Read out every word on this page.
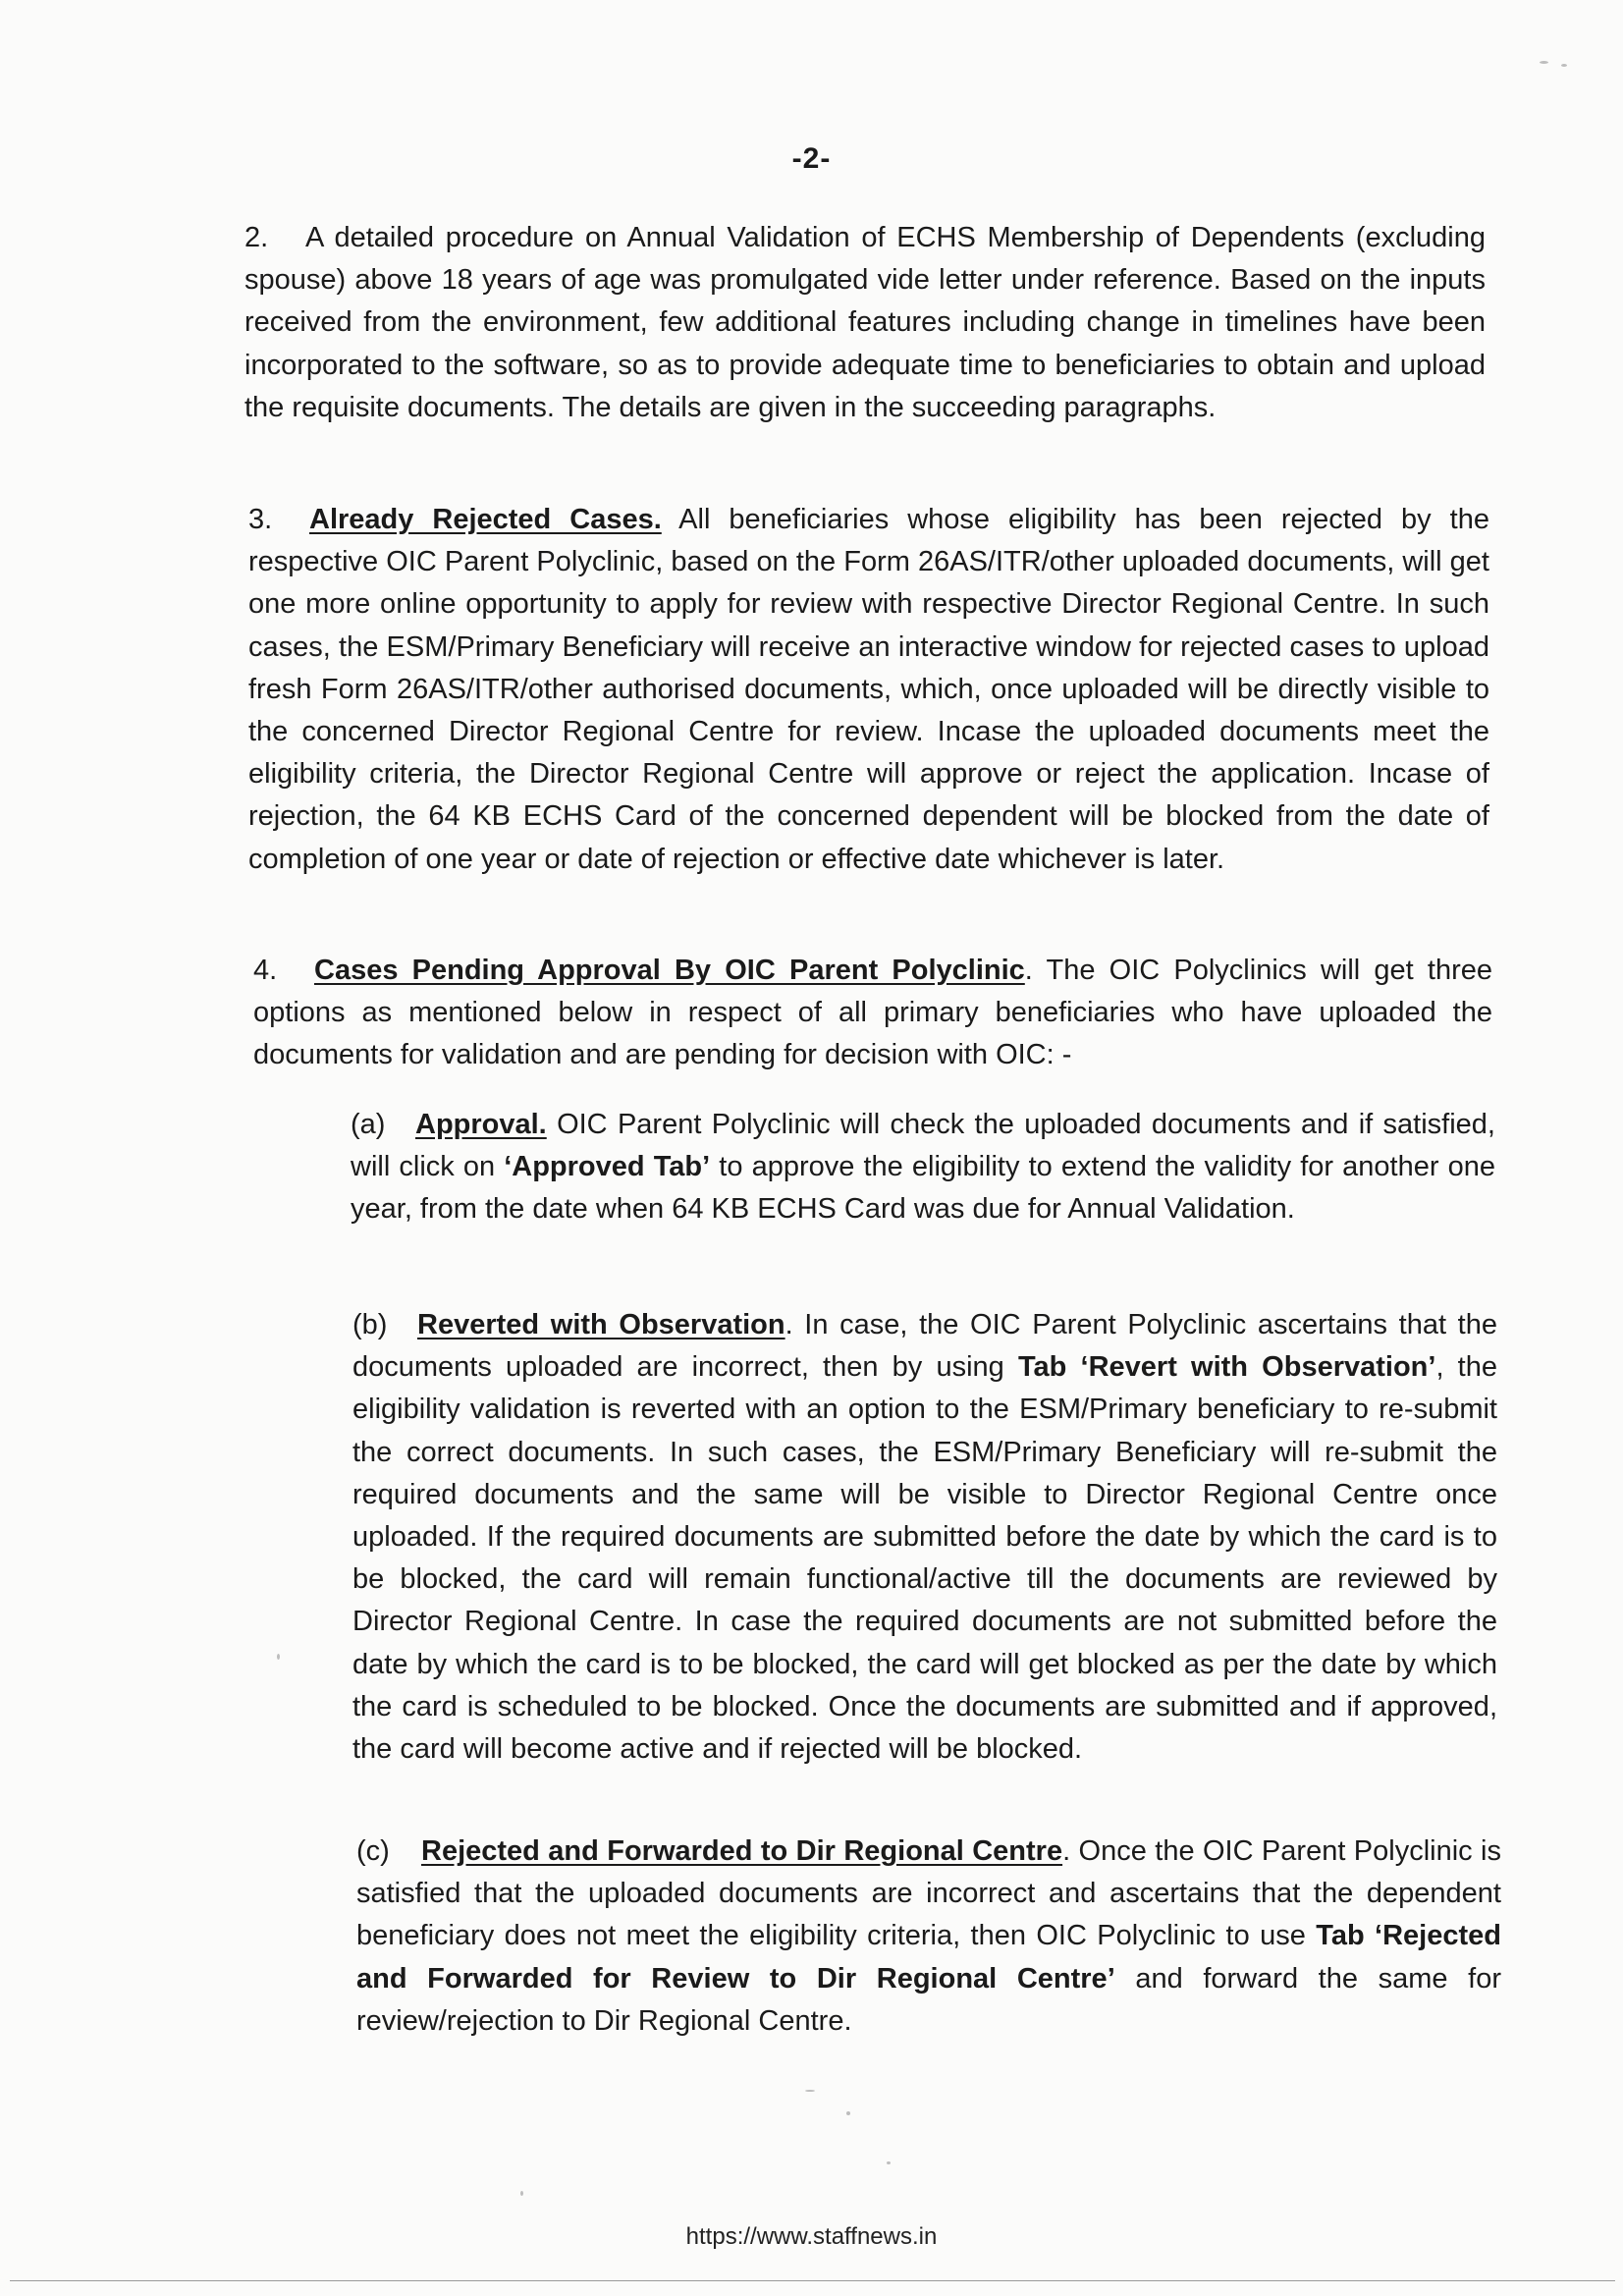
-2-

2. A detailed procedure on Annual Validation of ECHS Membership of Dependents (excluding spouse) above 18 years of age was promulgated vide letter under reference. Based on the inputs received from the environment, few additional features including change in timelines have been incorporated to the software, so as to provide adequate time to beneficiaries to obtain and upload the requisite documents. The details are given in the succeeding paragraphs.

3. Already Rejected Cases. All beneficiaries whose eligibility has been rejected by the respective OIC Parent Polyclinic, based on the Form 26AS/ITR/other uploaded documents, will get one more online opportunity to apply for review with respective Director Regional Centre. In such cases, the ESM/Primary Beneficiary will receive an interactive window for rejected cases to upload fresh Form 26AS/ITR/other authorised documents, which, once uploaded will be directly visible to the concerned Director Regional Centre for review. Incase the uploaded documents meet the eligibility criteria, the Director Regional Centre will approve or reject the application. Incase of rejection, the 64 KB ECHS Card of the concerned dependent will be blocked from the date of completion of one year or date of rejection or effective date whichever is later.

4. Cases Pending Approval By OIC Parent Polyclinic. The OIC Polyclinics will get three options as mentioned below in respect of all primary beneficiaries who have uploaded the documents for validation and are pending for decision with OIC: -

(a) Approval. OIC Parent Polyclinic will check the uploaded documents and if satisfied, will click on ‘Approved Tab’ to approve the eligibility to extend the validity for another one year, from the date when 64 KB ECHS Card was due for Annual Validation.

(b) Reverted with Observation. In case, the OIC Parent Polyclinic ascertains that the documents uploaded are incorrect, then by using Tab ‘Revert with Observation’, the eligibility validation is reverted with an option to the ESM/Primary beneficiary to re-submit the correct documents. In such cases, the ESM/Primary Beneficiary will re-submit the required documents and the same will be visible to Director Regional Centre once uploaded. If the required documents are submitted before the date by which the card is to be blocked, the card will remain functional/active till the documents are reviewed by Director Regional Centre. In case the required documents are not submitted before the date by which the card is to be blocked, the card will get blocked as per the date by which the card is scheduled to be blocked. Once the documents are submitted and if approved, the card will become active and if rejected will be blocked.

(c) Rejected and Forwarded to Dir Regional Centre. Once the OIC Parent Polyclinic is satisfied that the uploaded documents are incorrect and ascertains that the dependent beneficiary does not meet the eligibility criteria, then OIC Polyclinic to use Tab ‘Rejected and Forwarded for Review to Dir Regional Centre’ and forward the same for review/rejection to Dir Regional Centre.

https://www.staffnews.in
